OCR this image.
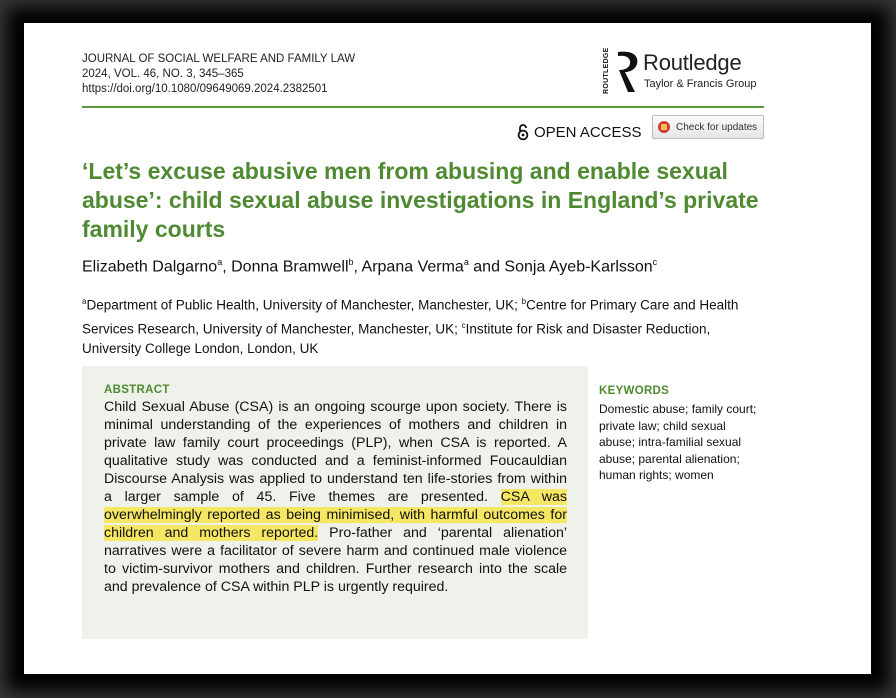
JOURNAL OF SOCIAL WELFARE AND FAMILY LAW
2024, VOL. 46, NO. 3, 345–365
https://doi.org/10.1080/09649069.2024.2382501	ROUTLEDGE Routledge
Taylor & Francis Group
OPEN ACCESS	Check for updates
‘Let’s excuse abusive men from abusing and enable sexual abuse’: child sexual abuse investigations in England’s private family courts
Elizabeth Dalgarno$^a$, Donna Bramwell$^b$, Arpana Verma$^a$ and Sonja Ayeb-Karlsson$^c$
$^a$Department of Public Health, University of Manchester, Manchester, UK; $^b$Centre for Primary Care and Health Services Research, University of Manchester, Manchester, UK; $^c$Institute for Risk and Disaster Reduction, University College London, London, UK
ABSTRACT
Child Sexual Abuse (CSA) is an ongoing scourge upon society. There is minimal understanding of the experiences of mothers and children in private law family court proceedings (PLP), when CSA is reported. A qualitative study was conducted and a feminist-informed Foucauldian Discourse Analysis was applied to understand ten life-stories from within a larger sample of 45. Five themes are presented. CSA was overwhelmingly reported as being minimised, with harmful outcomes for children and mothers reported. Pro-father and ‘parental alienation’ narratives were a facilitator of severe harm and continued male violence to victim-survivor mothers and children. Further research into the scale and prevalence of CSA within PLP is urgently required.
KEYWORDS
Domestic abuse; family court; private law; child sexual abuse; intra-familial sexual abuse; parental alienation; human rights; women
